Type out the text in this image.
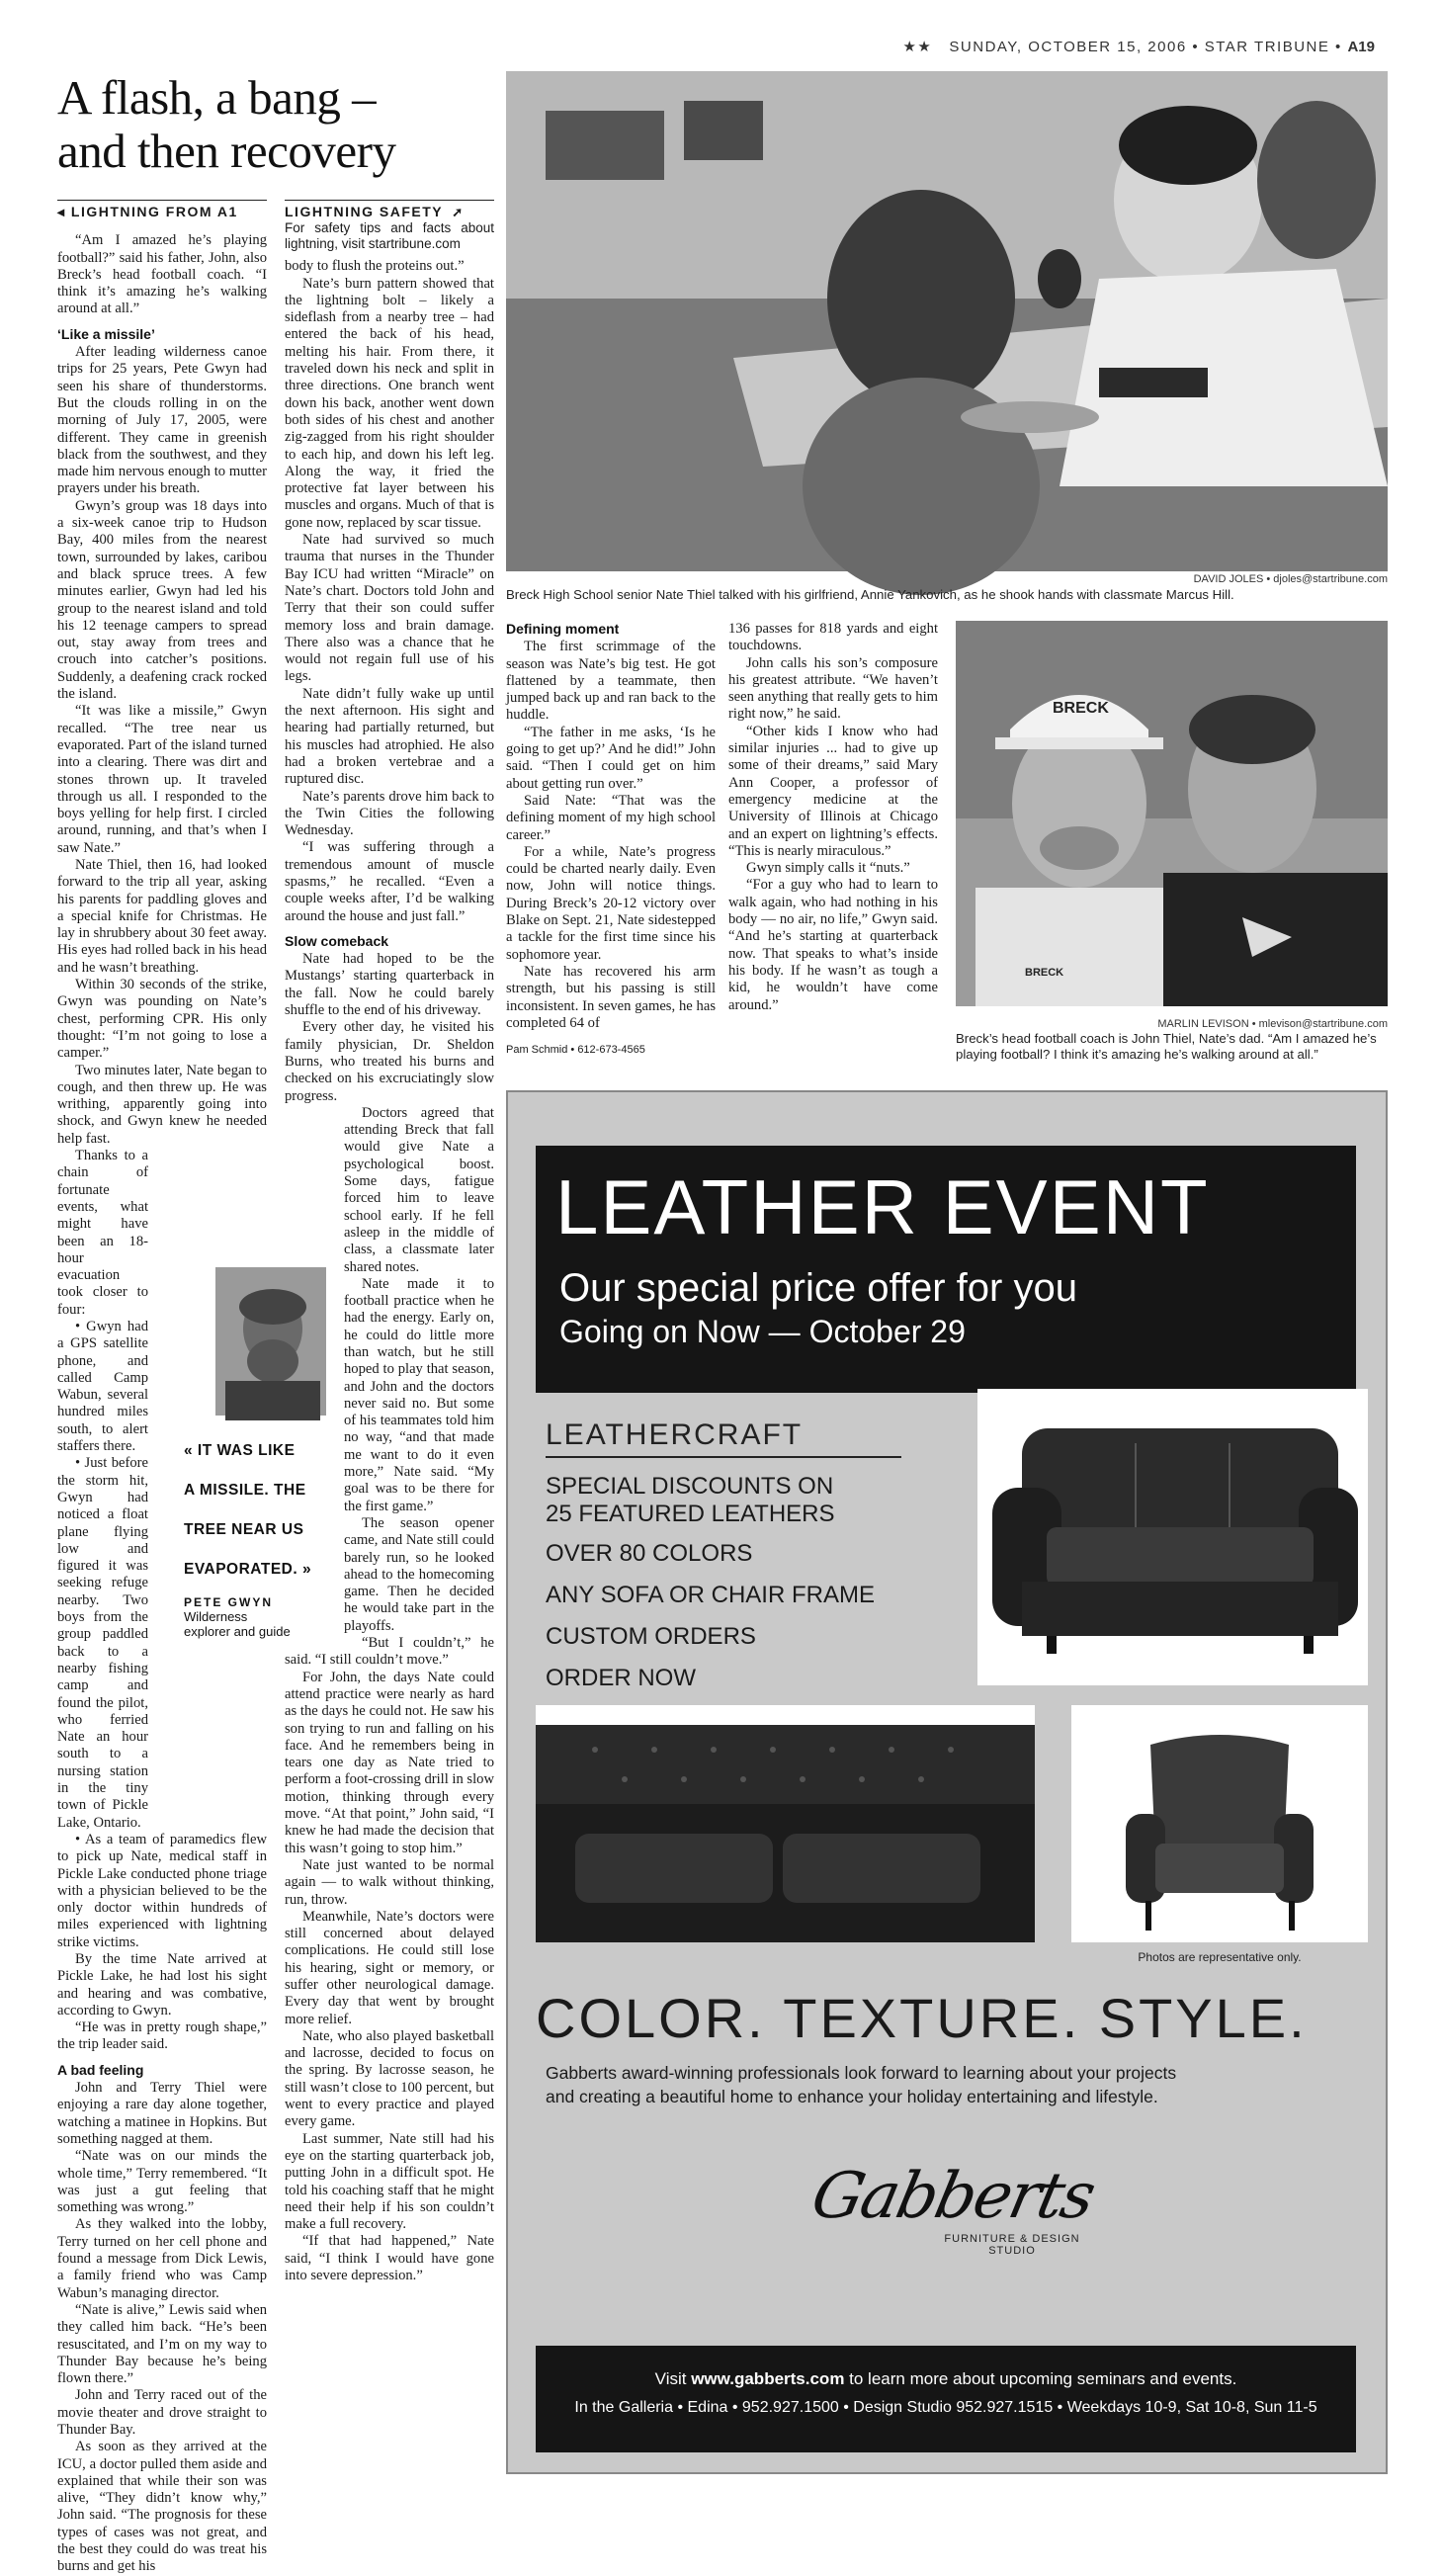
★★ SUNDAY, OCTOBER 15, 2006 • STAR TRIBUNE • A19
A flash, a bang –
and then recovery
◂ LIGHTNING FROM A1

“Am I amazed he’s playing football?” said his father, John, also Breck’s head football coach. “I think it’s amazing he’s walking around at all.”

‘Like a missile’

After leading wilderness canoe trips for 25 years, Pete Gwyn had seen his share of thunderstorms. But the clouds rolling in on the morning of July 17, 2005, were different. They came in greenish black from the southwest, and they made him nervous enough to mutter prayers under his breath.

Gwyn’s group was 18 days into a six-week canoe trip to Hudson Bay, 400 miles from the nearest town, surrounded by lakes, caribou and black spruce trees. A few minutes earlier, Gwyn had led his group to the nearest island and told his 12 teenage campers to spread out, stay away from trees and crouch into catcher’s positions. Suddenly, a deafening crack rocked the island.

“It was like a missile,” Gwyn recalled. “The tree near us evaporated. Part of the island turned into a clearing. There was dirt and stones thrown up. It traveled through us all. I responded to the boys yelling for help first. I circled around, running, and that’s when I saw Nate.”

Nate Thiel, then 16, had looked forward to the trip all year, asking his parents for paddling gloves and a special knife for Christmas. He lay in shrubbery about 30 feet away. His eyes had rolled back in his head and he wasn’t breathing.

Within 30 seconds of the strike, Gwyn was pounding on Nate’s chest, performing CPR. His only thought: “I’m not going to lose a camper.”

Two minutes later, Nate began to cough, and then threw up. He was writhing, apparently going into shock, and Gwyn knew he needed help fast.

Thanks to a chain of fortunate events, what might have been an 18-hour evacuation took closer to four:

• Gwyn had a GPS satellite phone, and called Camp Wabun, several hundred miles south, to alert staffers there.

• Just before the storm hit, Gwyn had noticed a float plane flying low and figured it was seeking refuge nearby. Two boys from the group paddled back to a nearby fishing camp and found the pilot, who ferried Nate an hour south to a nursing station in the tiny town of Pickle Lake, Ontario.

• As a team of paramedics flew to pick up Nate, medical staff in Pickle Lake conducted phone triage with a physician believed to be the only doctor within hundreds of miles experienced with lightning strike victims.

By the time Nate arrived at Pickle Lake, he had lost his sight and hearing and was combative, according to Gwyn.

“He was in pretty rough shape,” the trip leader said.

A bad feeling

John and Terry Thiel were enjoying a rare day alone together, watching a matinee in Hopkins. But something nagged at them.

“Nate was on our minds the whole time,” Terry remembered. “It was just a gut feeling that something was wrong.”

As they walked into the lobby, Terry turned on her cell phone and found a message from Dick Lewis, a family friend who was Camp Wabun’s managing director.

“Nate is alive,” Lewis said when they called him back. “He’s been resuscitated, and I’m on my way to Thunder Bay because he’s being flown there.”

John and Terry raced out of the movie theater and drove straight to Thunder Bay.

As soon as they arrived at the ICU, a doctor pulled them aside and explained that while their son was alive, “They didn’t know why,” John said. “The prognosis for these types of cases was not great, and the best they could do was treat his burns and get his

« IT WAS LIKE
A MISSILE. THE
TREE NEAR US
EVAPORATED. »
PETE GWYN
Wilderness explorer and guide
LIGHTNING SAFETY ➚
For safety tips and facts about lightning, visit startribune.com

body to flush the proteins out.”

Nate’s burn pattern showed that the lightning bolt – likely a sideflash from a nearby tree – had entered the back of his head, melting his hair. From there, it traveled down his neck and split in three directions. One branch went down his back, another went down both sides of his chest and another zig-zagged from his right shoulder to each hip, and down his left leg. Along the way, it fried the protective fat layer between his muscles and organs. Much of that is gone now, replaced by scar tissue.

Nate had survived so much trauma that nurses in the Thunder Bay ICU had written “Miracle” on Nate’s chart. Doctors told John and Terry that their son could suffer memory loss and brain damage. There also was a chance that he would not regain full use of his legs.

Nate didn’t fully wake up until the next afternoon. His sight and hearing had partially returned, but his muscles had atrophied. He also had a broken vertebrae and a ruptured disc.

Nate’s parents drove him back to the Twin Cities the following Wednesday.

“I was suffering through a tremendous amount of muscle spasms,” he recalled. “Even a couple weeks after, I’d be walking around the house and just fall.”

Slow comeback

Nate had hoped to be the Mustangs’ starting quarterback in the fall. Now he could barely shuffle to the end of his driveway.

Every other day, he visited his family physician, Dr. Sheldon Burns, who treated his burns and checked on his excruciatingly slow progress.

Doctors agreed that attending Breck that fall would give Nate a psychological boost. Some days, fatigue forced him to leave school early. If he fell asleep in the middle of class, a classmate later shared notes.

Nate made it to football practice when he had the energy. Early on, he could do little more than watch, but he still hoped to play that season, and John and the doctors never said no. But some of his teammates told him no way, “and that made me want to do it even more,” Nate said. “My goal was to be there for the first game.”

The season opener came, and Nate still could barely run, so he looked ahead to the homecoming game. Then he decided he would take part in the playoffs.

“But I couldn’t,” he said. “I still couldn’t move.”

For John, the days Nate could attend practice were nearly as hard as the days he could not. He saw his son trying to run and falling on his face. And he remembers being in tears one day as Nate tried to perform a foot-crossing drill in slow motion, thinking through every move. “At that point,” John said, “I knew he had made the decision that this wasn’t going to stop him.”

Nate just wanted to be normal again — to walk without thinking, run, throw.

Meanwhile, Nate’s doctors were still concerned about delayed complications. He could still lose his hearing, sight or memory, or suffer other neurological damage. Every day that went by brought more relief.

Nate, who also played basketball and lacrosse, decided to focus on the spring. By lacrosse season, he still wasn’t close to 100 percent, but went to every practice and played every game.

Last summer, Nate still had his eye on the starting quarterback job, putting John in a difficult spot. He told his coaching staff that he might need their help if his son couldn’t make a full recovery.

“If that had happened,” Nate said, “I think I would have gone into severe depression.”

DAVID JOLES • djoles@startribune.com
Breck High School senior Nate Thiel talked with his girlfriend, Annie Yankovich, as he shook hands with classmate Marcus Hill.
Defining moment

The first scrimmage of the season was Nate’s big test. He got flattened by a teammate, then jumped back up and ran back to the huddle.

“The father in me asks, ‘Is he going to get up?’ And he did!” John said. “Then I could get on him about getting run over.”

Said Nate: “That was the defining moment of my high school career.”

For a while, Nate’s progress could be charted nearly daily. Even now, John will notice things. During Breck’s 20-12 victory over Blake on Sept. 21, Nate sidestepped a tackle for the first time since his sophomore year.

Nate has recovered his arm strength, but his passing is still inconsistent. In seven games, he has completed 64 of

Pam Schmid • 612-673-4565

136 passes for 818 yards and eight touchdowns.

John calls his son’s composure his greatest attribute. “We haven’t seen anything that really gets to him right now,” he said.

“Other kids I know who had similar injuries ... had to give up some of their dreams,” said Mary Ann Cooper, a professor of emergency medicine at the University of Illinois at Chicago and an expert on lightning’s effects. “This is nearly miraculous.”

Gwyn simply calls it “nuts.”

“For a guy who had to learn to walk again, who had nothing in his body — no air, no life,” Gwyn said. “And he’s starting at quarterback now. That speaks to what’s inside his body. If he wasn’t as tough a kid, he wouldn’t have come around.”

BRECK
BRECK
MARLIN LEVISON • mlevison@startribune.com
Breck’s head football coach is John Thiel, Nate’s dad. “Am I amazed he’s playing football? I think it’s amazing he’s walking around at all.”
LEATHER EVENT
Our special price offer for you
Going on Now — October 29
LEATHERCRAFT
SPECIAL DISCOUNTS ON
25 FEATURED LEATHERS
OVER 80 COLORS
ANY SOFA OR CHAIR FRAME
CUSTOM ORDERS
ORDER NOW
Photos are representative only.
COLOR. TEXTURE. STYLE.
Gabberts award-winning professionals look forward to learning about your projects
and creating a beautiful home to enhance your holiday entertaining and lifestyle.
Gabberts
FURNITURE & DESIGN STUDIO
Visit www.gabberts.com to learn more about upcoming seminars and events.
In the Galleria • Edina • 952.927.1500 • Design Studio 952.927.1515 • Weekdays 10-9, Sat 10-8, Sun 11-5
